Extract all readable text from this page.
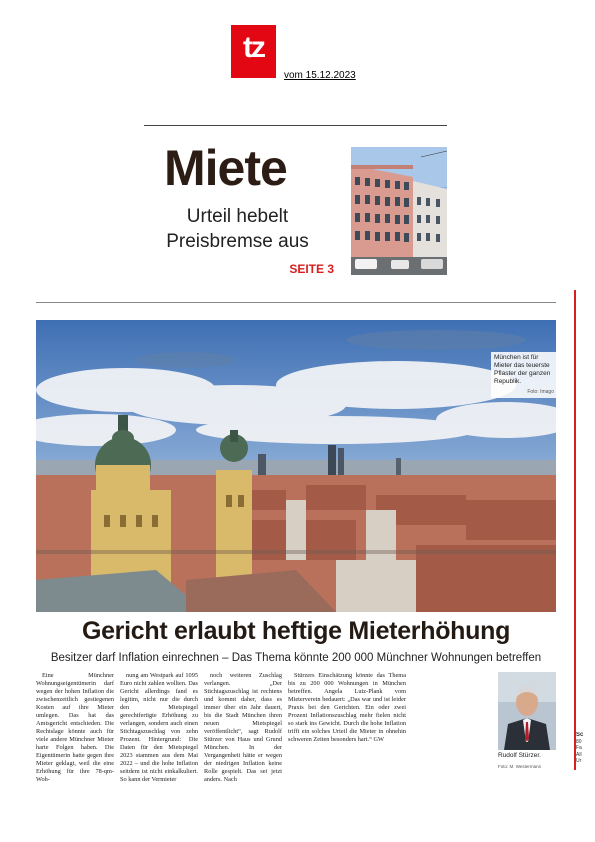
tz
vom 15.12.2023
Miete
Urteil hebelt
Preisbremse aus
SEITE 3
München ist für Mieter das teuerste Pflaster der ganzen Republik.
Foto: Imago
Gericht erlaubt heftige Mieterhöhung
Besitzer darf Inflation einrechnen – Das Thema könnte 200 000 Münchner Wohnungen betreffen

Eine Münchner Wohnungseigentümerin darf wegen der hohen Inflation die zwischenzeitlich gestiegenen Kosten auf ihre Mieter umlegen. Das hat das Amtsgericht entschieden. Die Rechtslage könnte auch für viele andere Münchner Mieter harte Folgen haben. Die Eigentümerin hatte gegen ihre Mieter geklagt, weil die eine Erhöhung für ihre 78-qm-Woh-

nung am Westpark auf 1095 Euro nicht zahlen wollten. Das Gericht allerdings fand es legitim, nicht nur die durch den Mietspiegel gerechtfertigte Erhöhung zu verlangen, sondern auch einen Stichtagszuschlag von zehn Prozent. Hintergrund: Die Daten für den Mietspiegel 2023 stammen aus dem Mai 2022 – und die hohe Inflation seitdem ist nicht einkalkuliert. So kann der Vermieter

noch weiteren Zuschlag verlangen. „Der Stichtagszuschlag ist rechtens und kommt daher, dass es immer über ein Jahr dauert, bis die Stadt München ihren neuen Mietspiegel veröffentlicht“, sagt Rudolf Stürzer von Haus und Grund München. In der Vergangenheit hätte er wegen der niedrigen Inflation keine Rolle gespielt. Das sei jetzt anders. Nach

Stürzers Einschätzung könnte das Thema bis zu 200 000 Wohnungen in München betreffen. Angela Lutz-Plank vom Mieterverein bedauert: „Das war und ist leider Praxis bei den Gerichten. Ein oder zwei Prozent Inflationszuschlag mehr fielen nicht so stark ins Gewicht. Durch die hohe Inflation trifft ein solches Urteil die Mieter in ohnehin schweren Zeiten besonders hart.“ GW

Rudolf Stürzer.
Foto: M. Westermann
Sc
80
Fa
All
Ur
